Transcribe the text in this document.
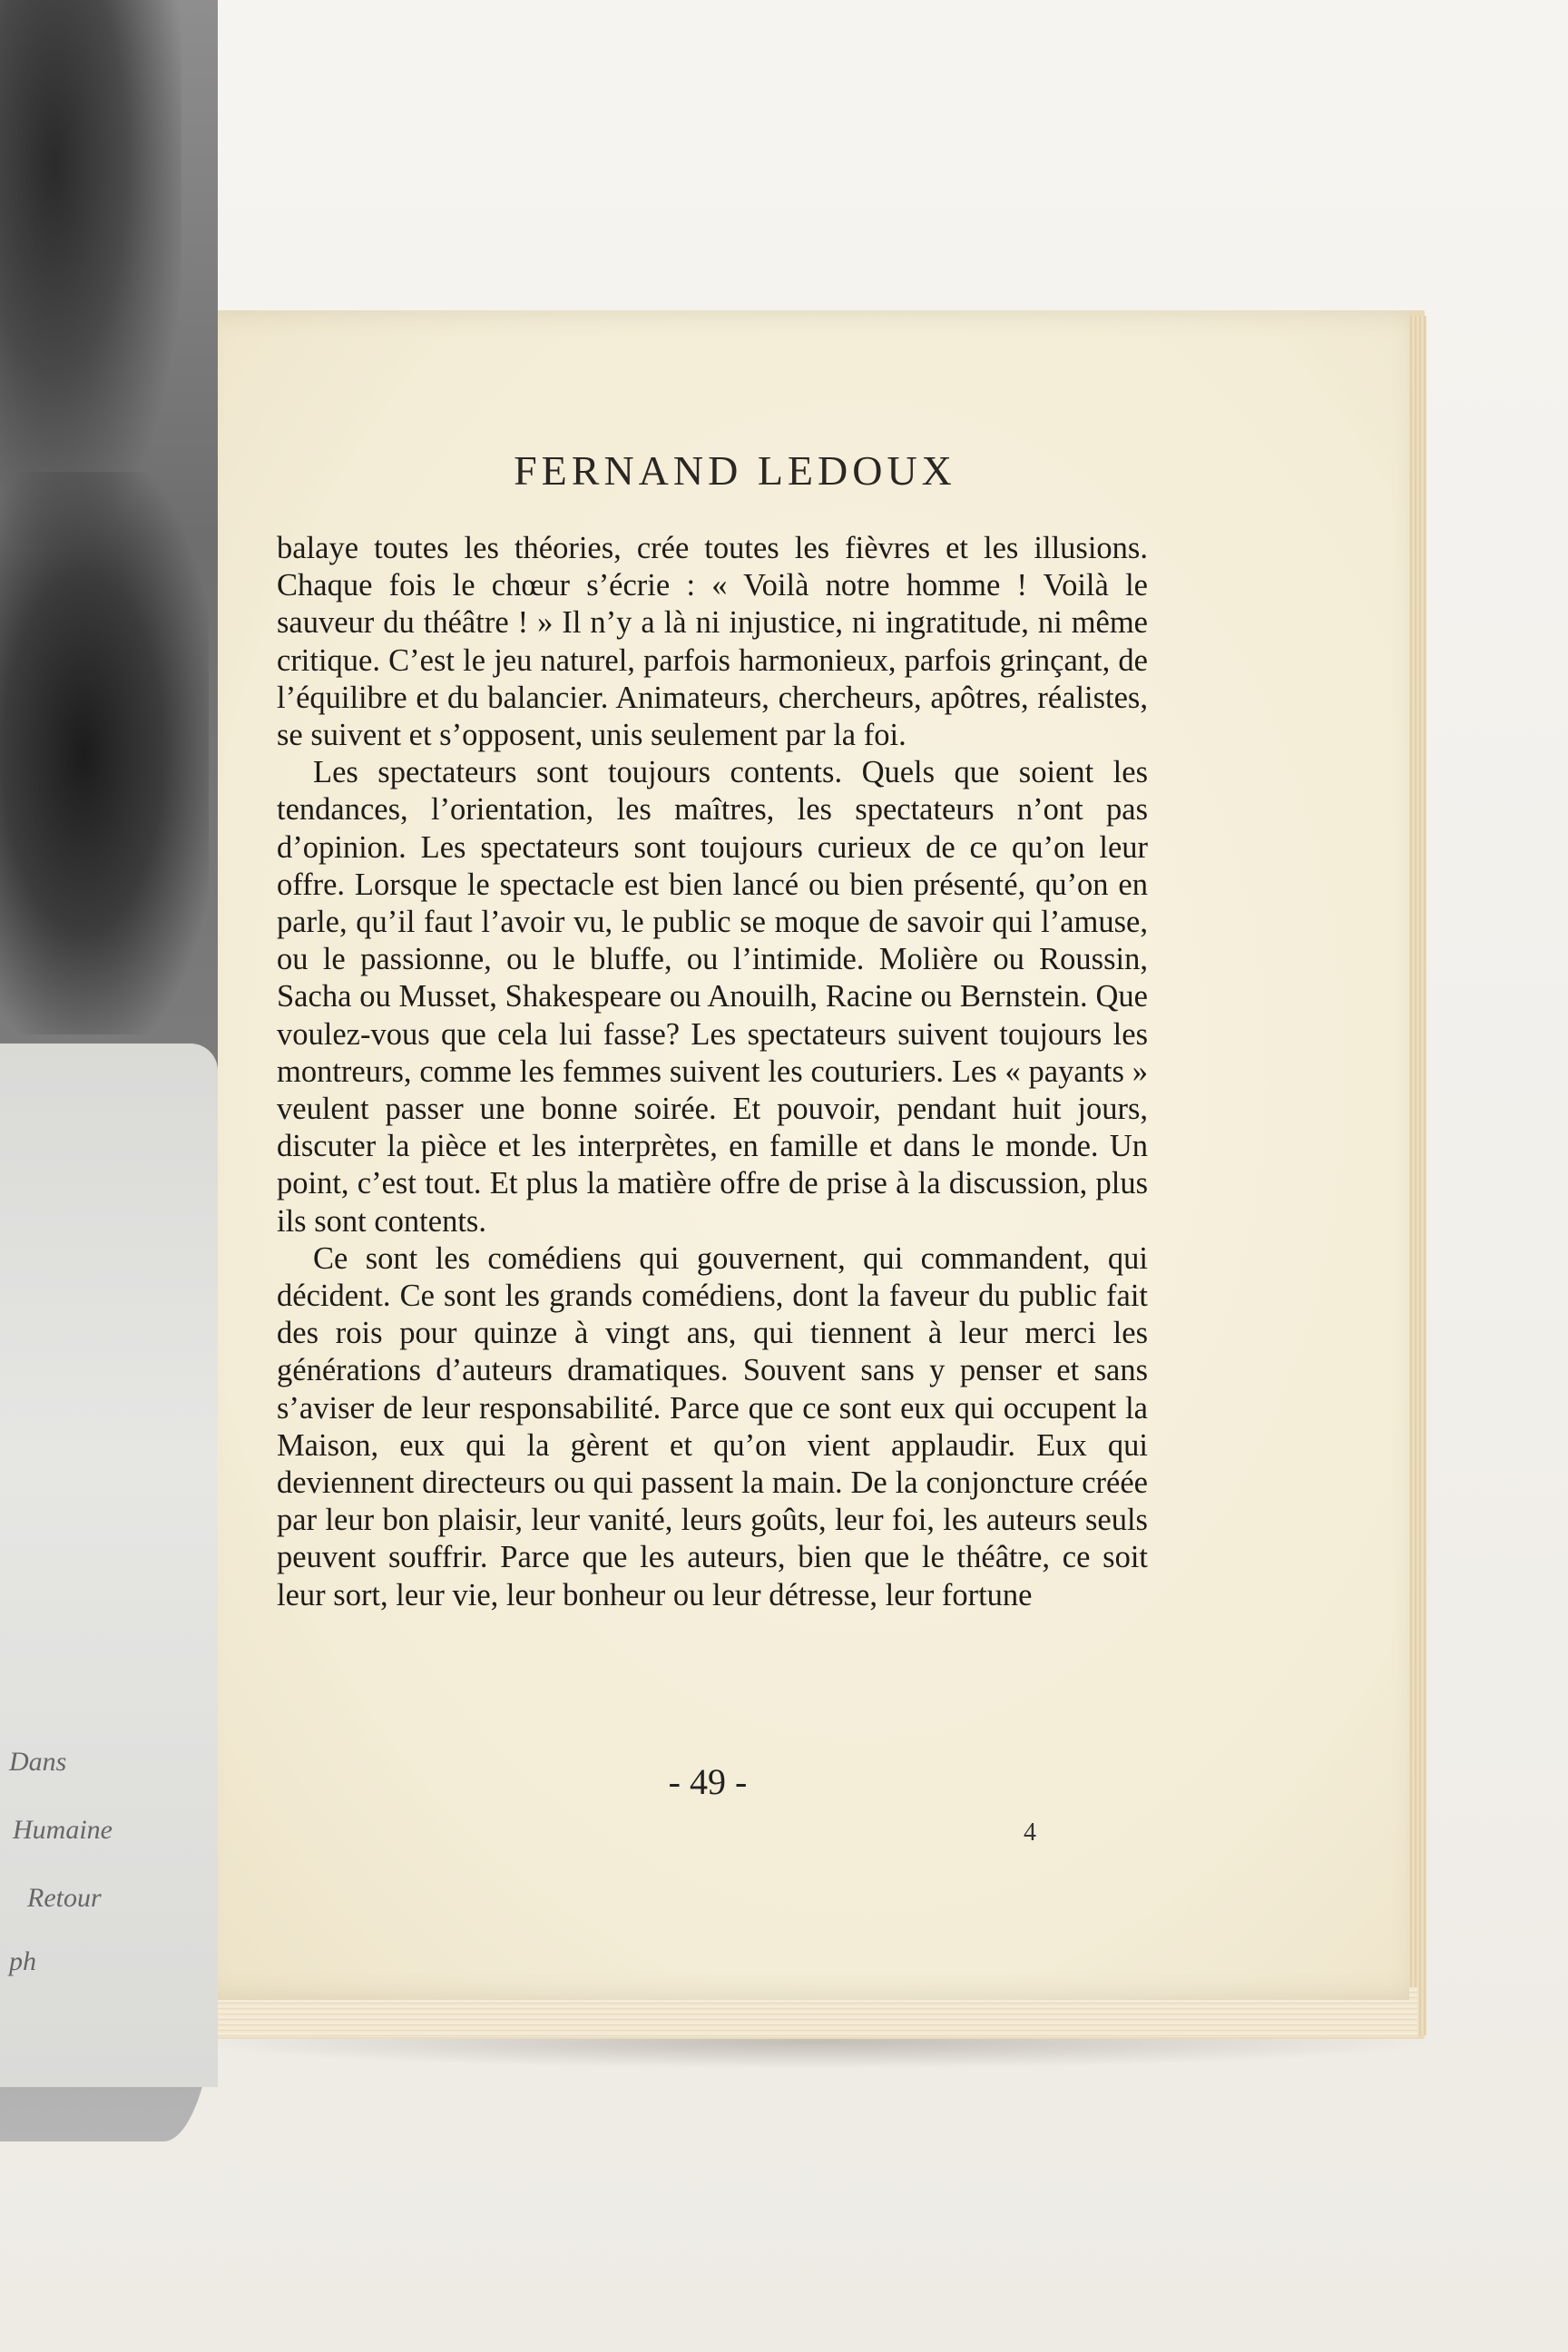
Dans
Humaine
Retour
ph
FERNAND LEDOUX

balaye toutes les théories, crée toutes les fièvres et les illusions. Chaque fois le chœur s’écrie : « Voilà notre homme ! Voilà le sauveur du théâtre ! » Il n’y a là ni injustice, ni ingratitude, ni même critique. C’est le jeu naturel, parfois harmonieux, parfois grinçant, de l’équilibre et du balancier. Animateurs, chercheurs, apôtres, réalistes, se suivent et s’opposent, unis seulement par la foi.

Les spectateurs sont toujours contents. Quels que soient les tendances, l’orientation, les maîtres, les spectateurs n’ont pas d’opinion. Les spectateurs sont toujours curieux de ce qu’on leur offre. Lorsque le spectacle est bien lancé ou bien présenté, qu’on en parle, qu’il faut l’avoir vu, le public se moque de savoir qui l’amuse, ou le passionne, ou le bluffe, ou l’intimide. Molière ou Roussin, Sacha ou Musset, Shakespeare ou Anouilh, Racine ou Bernstein. Que voulez-vous que cela lui fasse? Les spectateurs suivent toujours les montreurs, comme les femmes suivent les couturiers. Les « payants » veulent passer une bonne soirée. Et pouvoir, pendant huit jours, discuter la pièce et les interprètes, en famille et dans le monde. Un point, c’est tout. Et plus la matière offre de prise à la discussion, plus ils sont contents.

Ce sont les comédiens qui gouvernent, qui commandent, qui décident. Ce sont les grands comédiens, dont la faveur du public fait des rois pour quinze à vingt ans, qui tiennent à leur merci les générations d’auteurs dramatiques. Souvent sans y penser et sans s’aviser de leur responsabilité. Parce que ce sont eux qui occupent la Maison, eux qui la gèrent et qu’on vient applaudir. Eux qui deviennent directeurs ou qui passent la main. De la conjoncture créée par leur bon plaisir, leur vanité, leurs goûts, leur foi, les auteurs seuls peuvent souffrir. Parce que les auteurs, bien que le théâtre, ce soit leur sort, leur vie, leur bonheur ou leur détresse, leur fortune

- 49 -
4
